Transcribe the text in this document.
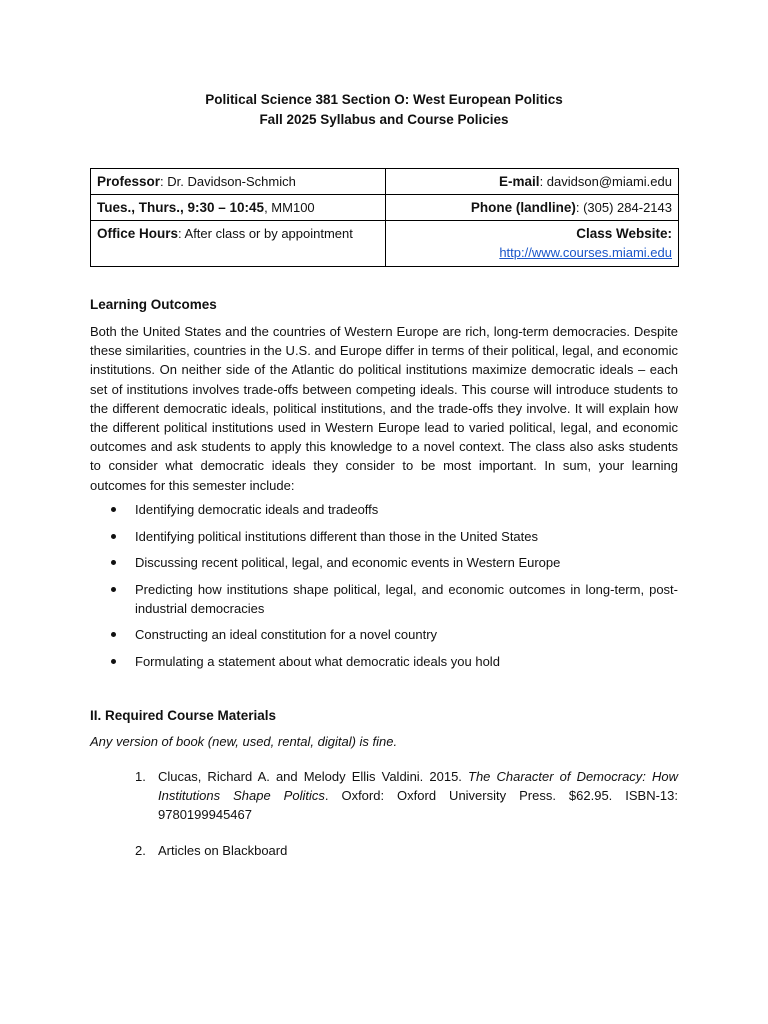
Political Science 381 Section O: West European Politics
Fall 2025 Syllabus and Course Policies
Professor: Dr. Davidson-Schmich	E-mail: davidson@miami.edu
Tues., Thurs., 9:30 – 10:45, MM100	Phone (landline): (305) 284-2143
Office Hours: After class or by appointment	Class Website:
http://www.courses.miami.edu
Learning Outcomes
Both the United States and the countries of Western Europe are rich, long-term democracies. Despite these similarities, countries in the U.S. and Europe differ in terms of their political, legal, and economic institutions. On neither side of the Atlantic do political institutions maximize democratic ideals – each set of institutions involves trade-offs between competing ideals. This course will introduce students to the different democratic ideals, political institutions, and the trade-offs they involve. It will explain how the different political institutions used in Western Europe lead to varied political, legal, and economic outcomes and ask students to apply this knowledge to a novel context. The class also asks students to consider what democratic ideals they consider to be most important. In sum, your learning outcomes for this semester include:
Identifying democratic ideals and tradeoffs
Identifying political institutions different than those in the United States
Discussing recent political, legal, and economic events in Western Europe
Predicting how institutions shape political, legal, and economic outcomes in long-term, post-industrial democracies
Constructing an ideal constitution for a novel country
Formulating a statement about what democratic ideals you hold
II. Required Course Materials
Any version of book (new, used, rental, digital) is fine.
1. Clucas, Richard A. and Melody Ellis Valdini. 2015. The Character of Democracy: How Institutions Shape Politics. Oxford: Oxford University Press. $62.95. ISBN-13: 9780199945467
2. Articles on Blackboard
